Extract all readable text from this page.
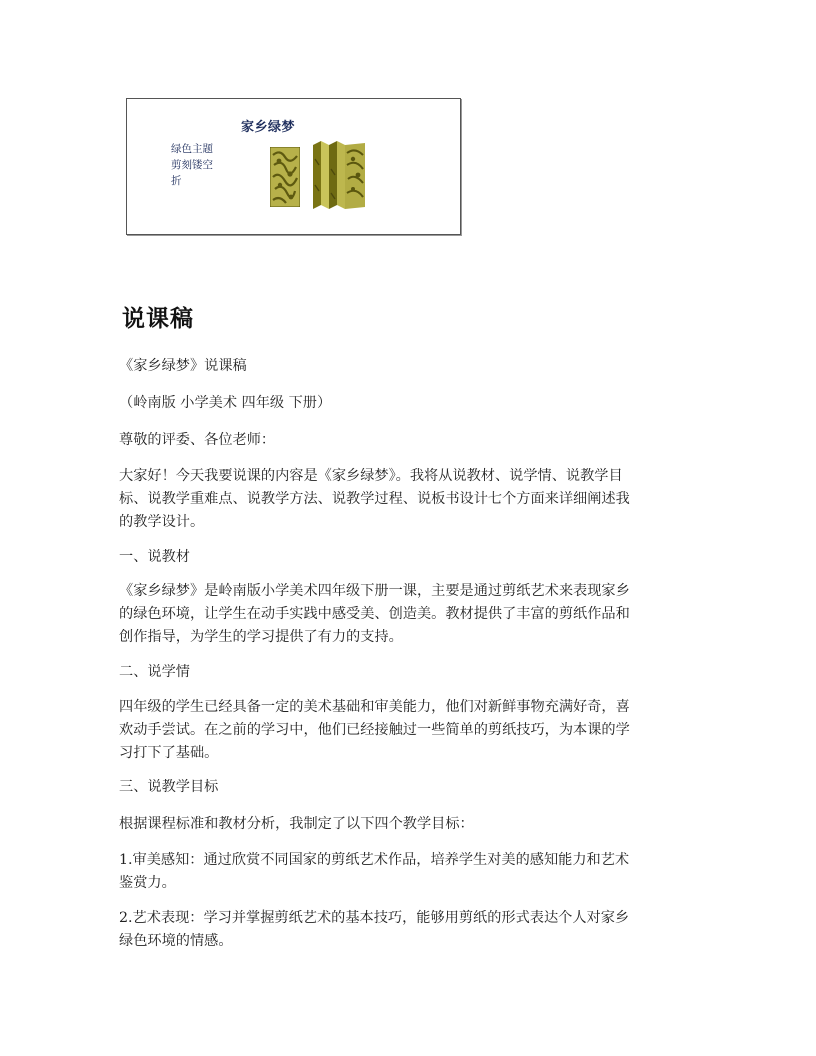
家乡绿梦
绿色主题
剪刻镂空
折
说课稿

《家乡绿梦》说课稿

（岭南版 小学美术 四年级 下册）

尊敬的评委、各位老师：

大家好！今天我要说课的内容是《家乡绿梦》。我将从说教材、说学情、说教学目
标、说教学重难点、说教学方法、说教学过程、说板书设计七个方面来详细阐述我
的教学设计。

一、说教材

《家乡绿梦》是岭南版小学美术四年级下册一课，主要是通过剪纸艺术来表现家乡
的绿色环境，让学生在动手实践中感受美、创造美。教材提供了丰富的剪纸作品和
创作指导，为学生的学习提供了有力的支持。

二、说学情

四年级的学生已经具备一定的美术基础和审美能力，他们对新鲜事物充满好奇，喜
欢动手尝试。在之前的学习中，他们已经接触过一些简单的剪纸技巧，为本课的学
习打下了基础。

三、说教学目标

根据课程标准和教材分析，我制定了以下四个教学目标：

1.审美感知：通过欣赏不同国家的剪纸艺术作品，培养学生对美的感知能力和艺术
鉴赏力。

2.艺术表现：学习并掌握剪纸艺术的基本技巧，能够用剪纸的形式表达个人对家乡
绿色环境的情感。
